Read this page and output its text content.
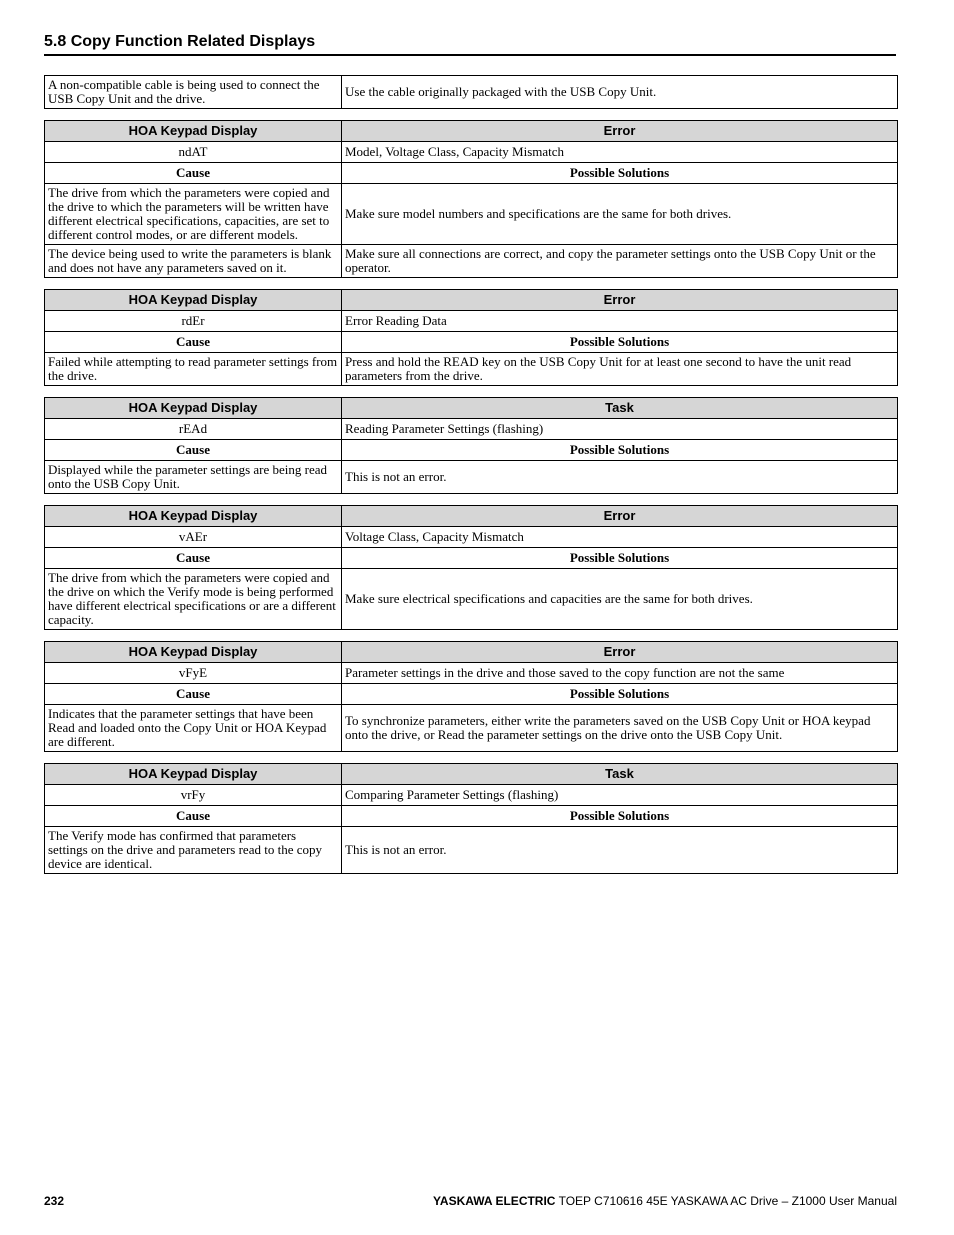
5.8 Copy Function Related Displays
A non-compatible cable is being used to connect the USB Copy Unit and the drive.	Use the cable originally packaged with the USB Copy Unit.
HOA Keypad Display	Error
ndAT	Model, Voltage Class, Capacity Mismatch
Cause	Possible Solutions
The drive from which the parameters were copied and the drive to which the parameters will be written have different electrical specifications, capacities, are set to different control modes, or are different models.	Make sure model numbers and specifications are the same for both drives.
The device being used to write the parameters is blank and does not have any parameters saved on it.	Make sure all connections are correct, and copy the parameter settings onto the USB Copy Unit or the operator.
HOA Keypad Display	Error
rdEr	Error Reading Data
Cause	Possible Solutions
Failed while attempting to read parameter settings from the drive.	Press and hold the READ key on the USB Copy Unit for at least one second to have the unit read parameters from the drive.
HOA Keypad Display	Task
rEAd	Reading Parameter Settings (flashing)
Cause	Possible Solutions
Displayed while the parameter settings are being read onto the USB Copy Unit.	This is not an error.
HOA Keypad Display	Error
vAEr	Voltage Class, Capacity Mismatch
Cause	Possible Solutions
The drive from which the parameters were copied and the drive on which the Verify mode is being performed have different electrical specifications or are a different capacity.	Make sure electrical specifications and capacities are the same for both drives.
HOA Keypad Display	Error
vFyE	Parameter settings in the drive and those saved to the copy function are not the same
Cause	Possible Solutions
Indicates that the parameter settings that have been Read and loaded onto the Copy Unit or HOA Keypad are different.	To synchronize parameters, either write the parameters saved on the USB Copy Unit or HOA keypad onto the drive, or Read the parameter settings on the drive onto the USB Copy Unit.
HOA Keypad Display	Task
vrFy	Comparing Parameter Settings (flashing)
Cause	Possible Solutions
The Verify mode has confirmed that parameters settings on the drive and parameters read to the copy device are identical.	This is not an error.
232	YASKAWA ELECTRIC TOEP C710616 45E YASKAWA AC Drive – Z1000 User Manual
